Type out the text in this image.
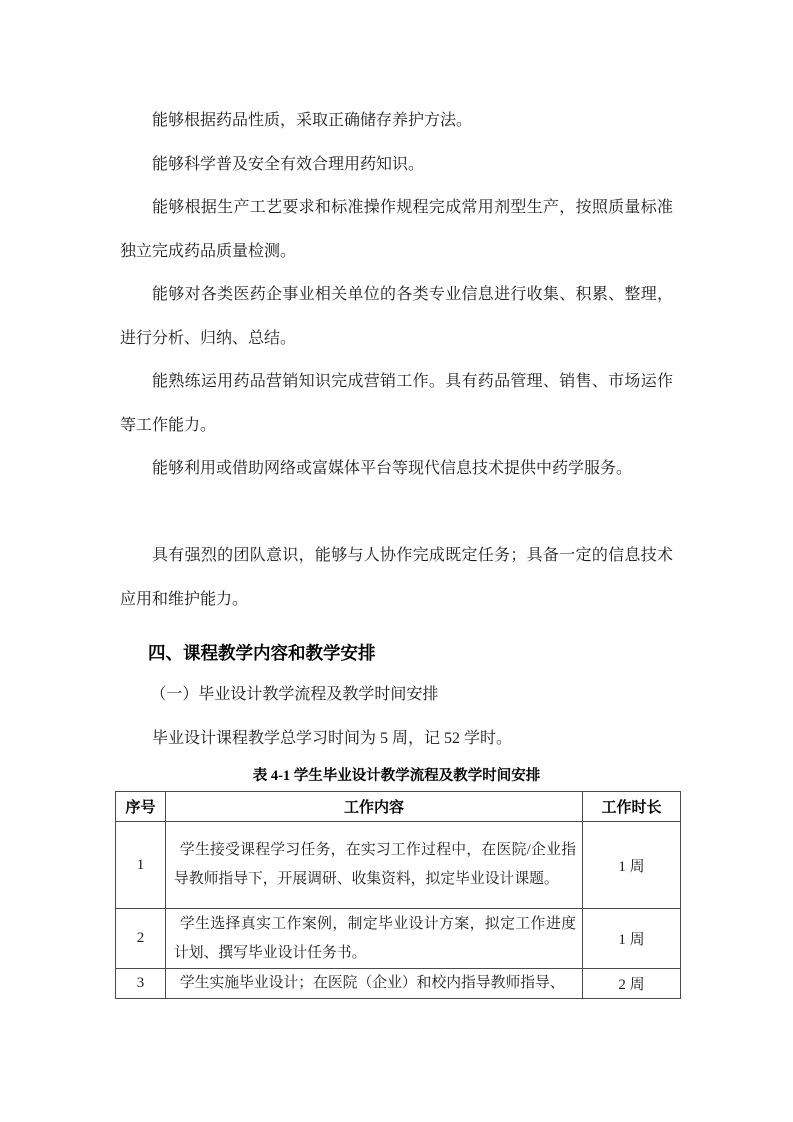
能够根据药品性质，采取正确储存养护方法。

能够科学普及安全有效合理用药知识。

能够根据生产工艺要求和标准操作规程完成常用剂型生产，按照质量标准独立完成药品质量检测。

能够对各类医药企事业相关单位的各类专业信息进行收集、积累、整理，进行分析、归纳、总结。

能熟练运用药品营销知识完成营销工作。具有药品管理、销售、市场运作等工作能力。

能够利用或借助网络或富媒体平台等现代信息技术提供中药学服务。

具有强烈的团队意识，能够与人协作完成既定任务；具备一定的信息技术应用和维护能力。

四、课程教学内容和教学安排

（一）毕业设计教学流程及教学时间安排

毕业设计课程教学总学习时间为 5 周，记 52 学时。

表 4-1 学生毕业设计教学流程及教学时间安排

序号	工作内容	工作时长
1	学生接受课程学习任务，在实习工作过程中，在医院/企业指导教师指导下，开展调研、收集资料，拟定毕业设计课题。	1 周
2	学生选择真实工作案例，制定毕业设计方案，拟定工作进度计划、撰写毕业设计任务书。	1 周
3	学生实施毕业设计；在医院（企业）和校内指导教师指导、	2 周
